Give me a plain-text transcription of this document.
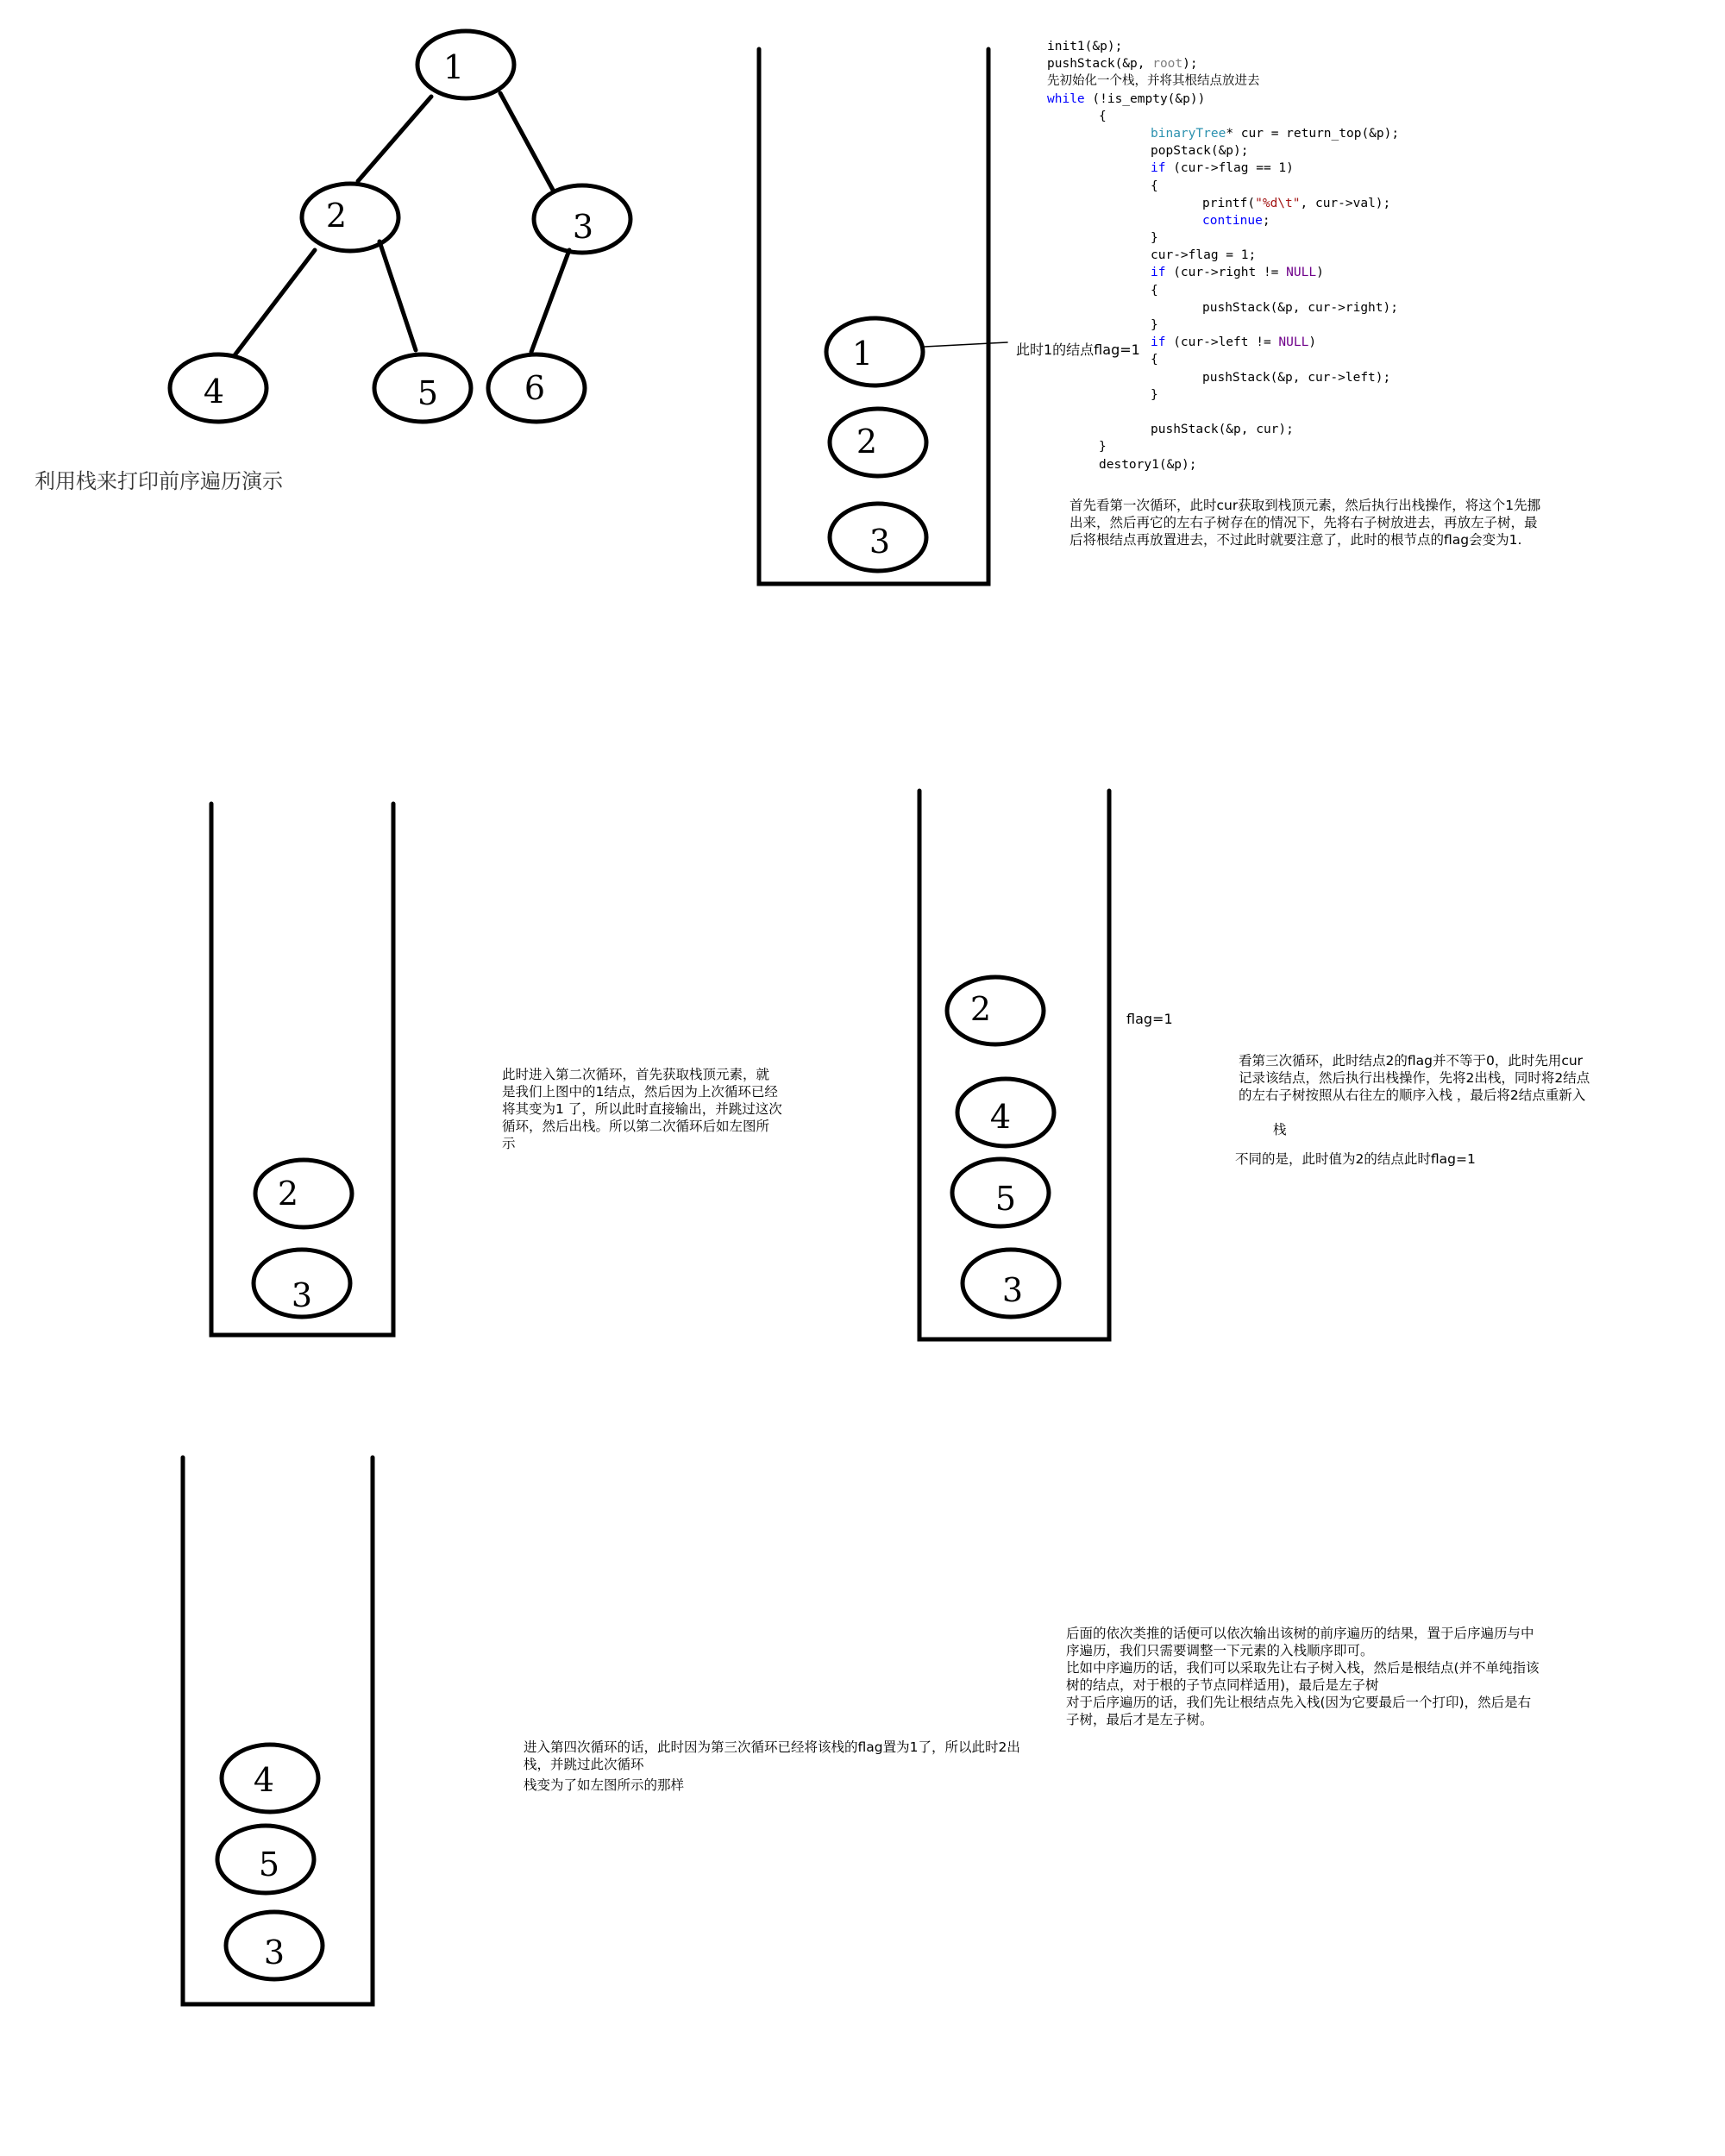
1
2	3
4	5	6
1
2
3
2
3
2
4
5
3
4
5
3
利用栈来打印前序遍历演示
init1(&p);
pushStack(&p, root);
先初始化一个栈，并将其根结点放进去
while (!is_empty(&p))
{
binaryTree* cur = return_top(&p);
popStack(&p);
if (cur->flag == 1)
{
printf("%d\t", cur->val);
continue;
}
cur->flag = 1;
if (cur->right != NULL)
{
pushStack(&p, cur->right);
}
if (cur->left != NULL)
{
pushStack(&p, cur->left);
}
pushStack(&p, cur);
}
destory1(&p);
此时1的结点flag=1
flag=1
首先看第一次循环，此时cur获取到栈顶元素，然后执行出栈操作，将这个1先挪出来，然后再它的左右子树存在的情况下，先将右子树放进去，再放左子树，最后将根结点再放置进去，不过此时就要注意了，此时的根节点的flag会变为1.
此时进入第二次循环，首先获取栈顶元素，就是我们上图中的1结点，然后因为上次循环已经将其变为1 了，所以此时直接输出，并跳过这次循环，然后出栈。所以第二次循环后如左图所示
看第三次循环，此时结点2的flag并不等于0，此时先用cur记录该结点，然后执行出栈操作，先将2出栈，同时将2结点的左右子树按照从右往左的顺序入栈 ，最后将2结点重新入
栈
不同的是，此时值为2的结点此时flag=1
进入第四次循环的话，此时因为第三次循环已经将该栈的flag置为1了，所以此时2出栈，并跳过此次循环
栈变为了如左图所示的那样
后面的依次类推的话便可以依次输出该树的前序遍历的结果，置于后序遍历与中序遍历，我们只需要调整一下元素的入栈顺序即可。
比如中序遍历的话，我们可以采取先让右子树入栈，然后是根结点(并不单纯指该树的结点，对于根的子节点同样适用)，最后是左子树
对于后序遍历的话，我们先让根结点先入栈(因为它要最后一个打印)，然后是右子树，最后才是左子树。
